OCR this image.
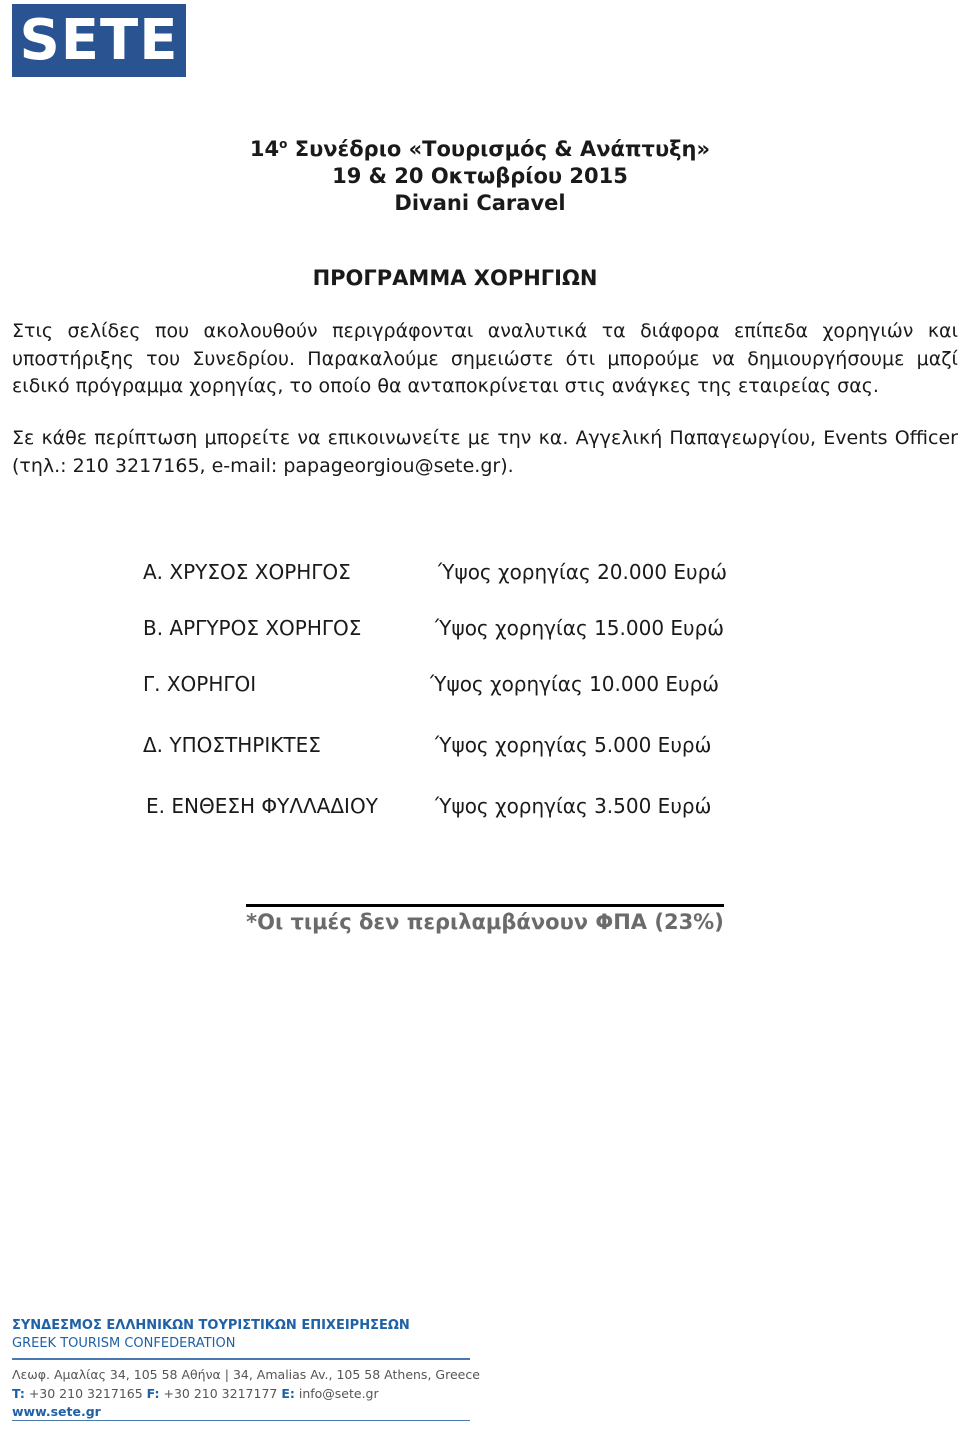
SETE
$14^o$ Συνέδριο «Τουρισμός & Ανάπτυξη»
19 & 20 Οκτωβρίου 2015
Divani Caravel
ΠΡΟΓΡΑΜΜΑ ΧΟΡΗΓΙΩΝ
Στις σελίδες που ακολουθούν περιγράφονται αναλυτικά τα διάφορα επίπεδα χορηγιών και
υποστήριξης του Συνεδρίου. Παρακαλούμε σημειώστε ότι μπορούμε να δημιουργήσουμε μαζί
ειδικό πρόγραμμα χορηγίας, το οποίο θα ανταποκρίνεται στις ανάγκες της εταιρείας σας.
Σε κάθε περίπτωση μπορείτε να επικοινωνείτε με την κα. Αγγελική Παπαγεωργίου, Events Officer
(τηλ.: 210 3217165, e-mail: papageorgiou@sete.gr).
Α. ΧΡΥΣΟΣ ΧΟΡΗΓΟΣ	Ύψος χορηγίας 20.000 Ευρώ
Β. ΑΡΓΥΡΟΣ ΧΟΡΗΓΟΣ	Ύψος χορηγίας 15.000 Ευρώ
Γ. ΧΟΡΗΓΟΙ	Ύψος χορηγίας 10.000 Ευρώ
Δ. ΥΠΟΣΤΗΡΙΚΤΕΣ	Ύψος χορηγίας 5.000 Ευρώ
Ε. ΕΝΘΕΣΗ ΦΥΛΛΑΔΙΟΥ	Ύψος χορηγίας 3.500 Ευρώ
*Οι τιμές δεν περιλαμβάνουν ΦΠΑ (23%)
ΣΥΝΔΕΣΜΟΣ ΕΛΛΗΝΙΚΩΝ ΤΟΥΡΙΣΤΙΚΩΝ ΕΠΙΧΕΙΡΗΣΕΩΝ
GREEK TOURISM CONFEDERATION
Λεωφ. Αμαλίας 34, 105 58 Αθήνα | 34, Amalias Av., 105 58 Athens, Greece
T: +30 210 3217165 F: +30 210 3217177 E: info@sete.gr
www.sete.gr
